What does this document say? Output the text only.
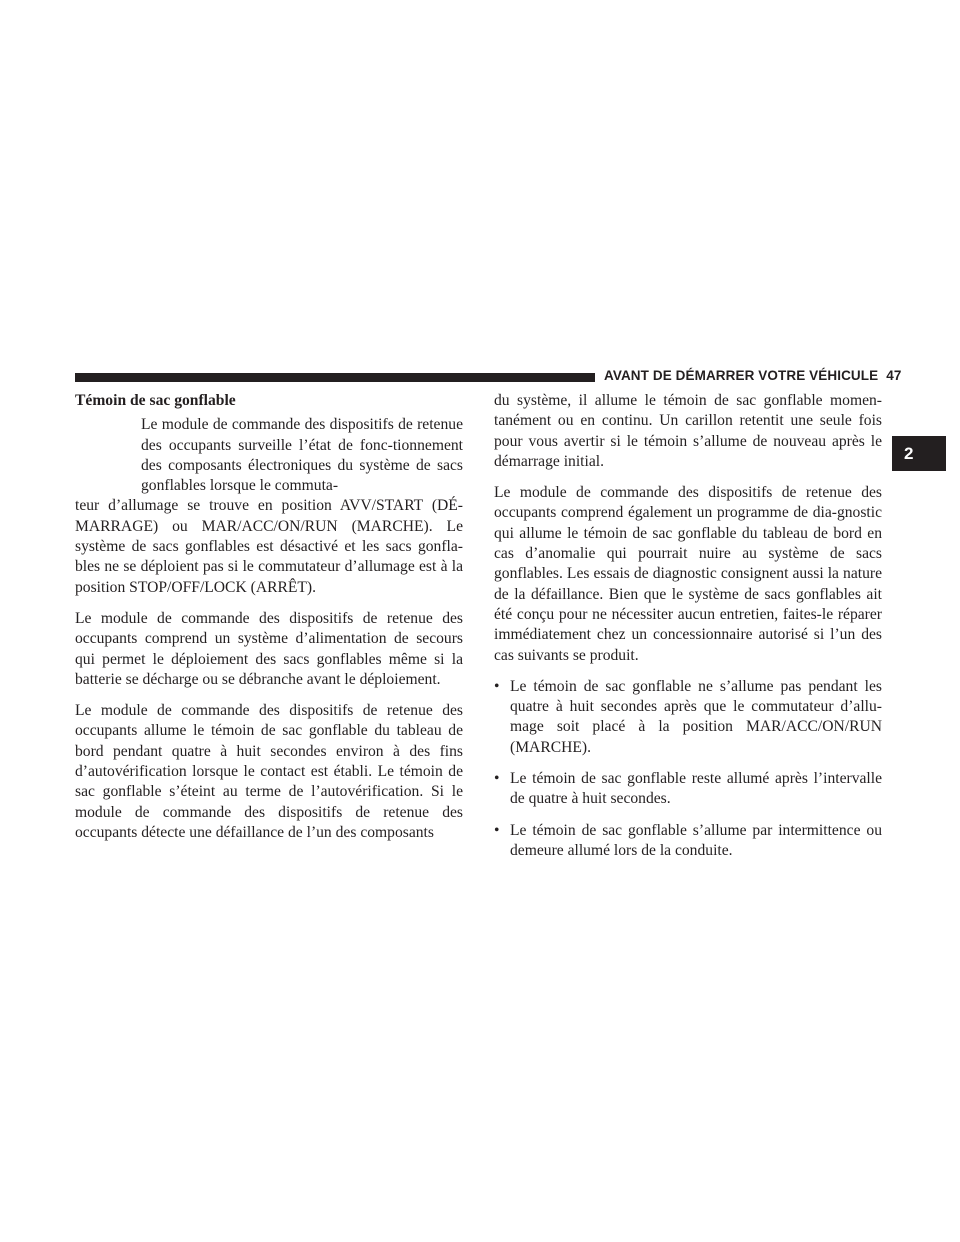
AVANT DE DÉMARRER VOTRE VÉHICULE 47
2
Témoin de sac gonflable

Le module de commande des dispositifs de retenue des occupants surveille l’état de fonc-tionnement des composants électroniques du système de sacs gonflables lorsque le commuta-

teur d’allumage se trouve en position AVV/START (DÉ-MARRAGE) ou MAR/ACC/ON/RUN (MARCHE). Le système de sacs gonflables est désactivé et les sacs gonfla-bles ne se déploient pas si le commutateur d’allumage est à la position STOP/OFF/LOCK (ARRÊT).

Le module de commande des dispositifs de retenue des occupants comprend un système d’alimentation de secours qui permet le déploiement des sacs gonflables même si la batterie se décharge ou se débranche avant le déploiement.

Le module de commande des dispositifs de retenue des occupants allume le témoin de sac gonflable du tableau de bord pendant quatre à huit secondes environ à des fins d’autovérification lorsque le contact est établi. Le témoin de sac gonflable s’éteint au terme de l’autovérification. Si le module de commande des dispositifs de retenue des occupants détecte une défaillance de l’un des composants

du système, il allume le témoin de sac gonflable momen-tanément ou en continu. Un carillon retentit une seule fois pour vous avertir si le témoin s’allume de nouveau après le démarrage initial.

Le module de commande des dispositifs de retenue des occupants comprend également un programme de dia-gnostic qui allume le témoin de sac gonflable du tableau de bord en cas d’anomalie qui pourrait nuire au système de sacs gonflables. Les essais de diagnostic consignent aussi la nature de la défaillance. Bien que le système de sacs gonflables ait été conçu pour ne nécessiter aucun entretien, faites-le réparer immédiatement chez un concessionnaire autorisé si l’un des cas suivants se produit.

• Le témoin de sac gonflable ne s’allume pas pendant les quatre à huit secondes après que le commutateur d’allu-mage soit placé à la position MAR/ACC/ON/RUN (MARCHE).
• Le témoin de sac gonflable reste allumé après l’intervalle de quatre à huit secondes.
• Le témoin de sac gonflable s’allume par intermittence ou demeure allumé lors de la conduite.
